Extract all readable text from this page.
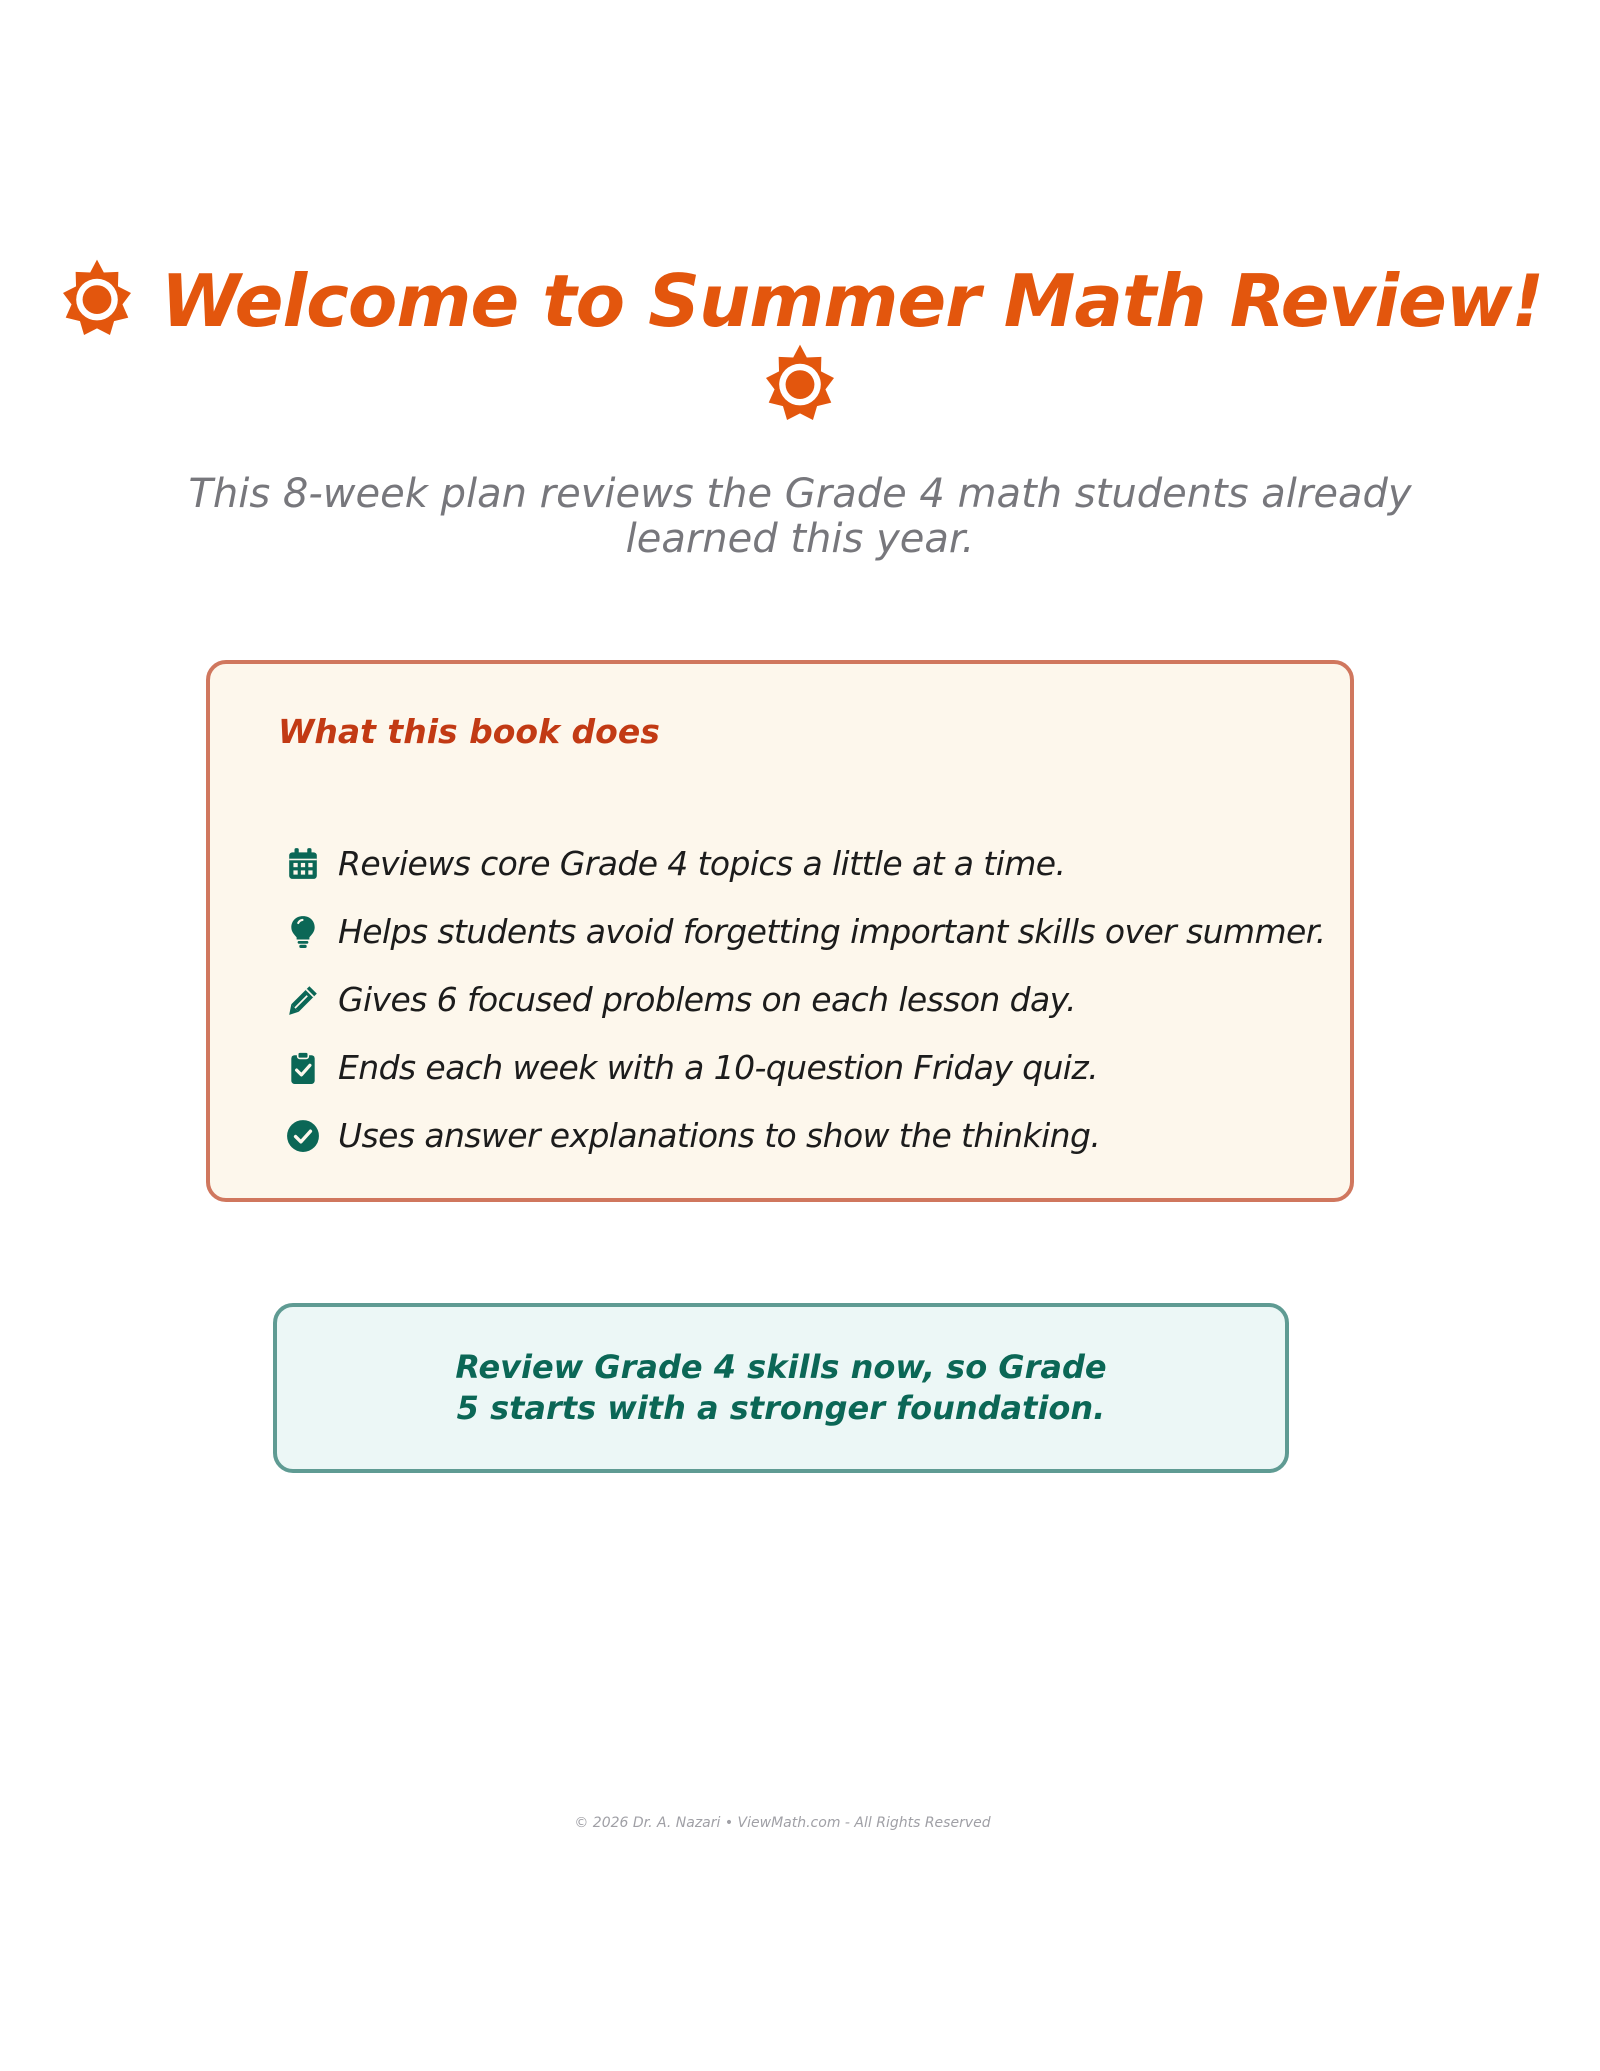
Welcome to Summer Math Review!
This 8-week plan reviews the Grade 4 math students already learned this year.
What this book does
Reviews core Grade 4 topics a little at a time.
Helps students avoid forgetting important skills over summer.
Gives 6 focused problems on each lesson day.
Ends each week with a 10-question Friday quiz.
Uses answer explanations to show the thinking.
Review Grade 4 skills now, so Grade 5 starts with a stronger foundation.
© 2026 Dr. A. Nazari • ViewMath.com - All Rights Reserved
